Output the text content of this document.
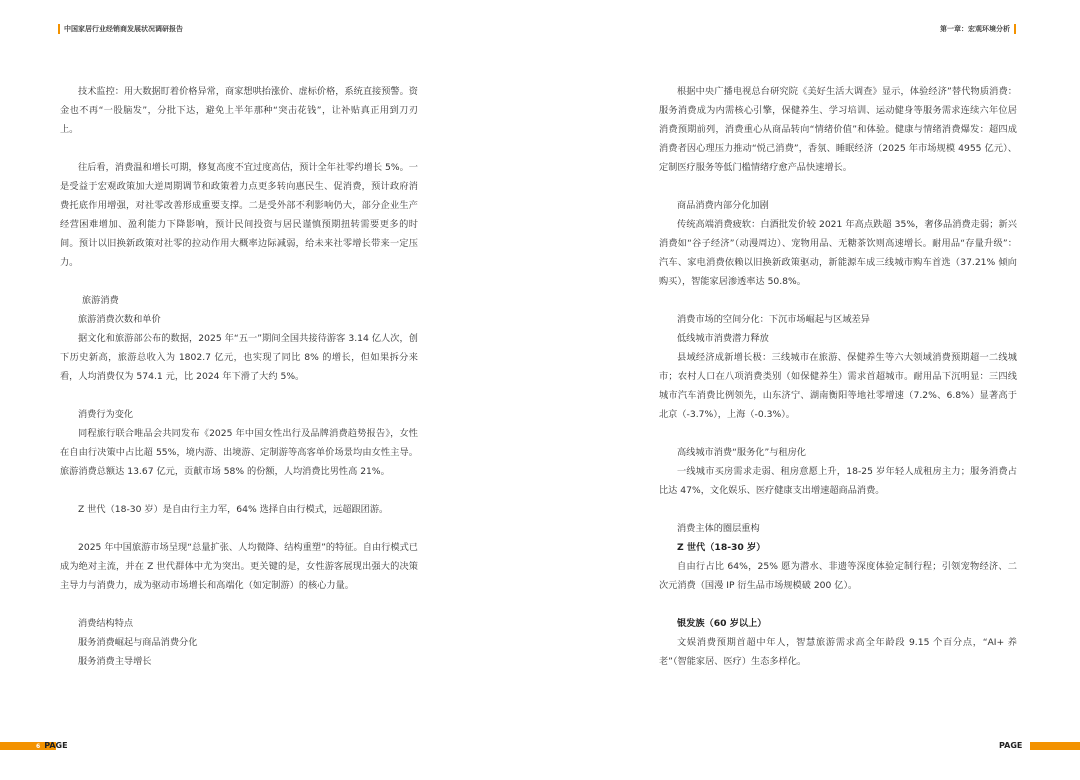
中国家居行业经销商发展状况调研报告	第一章：宏观环境分析

技术监控：用大数据盯着价格异常，商家想哄抬涨价、虚标价格，系统直接预警。资金也不再“一股脑发”，分批下达，避免上半年那种“突击花钱”，让补贴真正用到刀刃上。

往后看，消费温和增长可期，修复高度不宜过度高估，预计全年社零约增长 5%。一是受益于宏观政策加大逆周期调节和政策着力点更多转向惠民生、促消费，预计政府消费托底作用增强，对社零改善形成重要支撑。二是受外部不利影响仍大，部分企业生产经营困难增加、盈利能力下降影响，预计民间投资与居民谨慎预期扭转需要更多的时间。预计以旧换新政策对社零的拉动作用大概率边际减弱，给未来社零增长带来一定压力。

旅游消费

旅游消费次数和单价

据文化和旅游部公布的数据，2025 年“五一”期间全国共接待游客 3.14 亿人次，创下历史新高，旅游总收入为 1802.7 亿元，也实现了同比 8% 的增长，但如果拆分来看，人均消费仅为 574.1 元，比 2024 年下滑了大约 5%。

消费行为变化

同程旅行联合唯品会共同发布《2025 年中国女性出行及品牌消费趋势报告》，女性在自由行决策中占比超 55%，境内游、出境游、定制游等高客单价场景均由女性主导。旅游消费总额达 13.67 亿元，贡献市场 58% 的份额，人均消费比男性高 21%。

Z 世代（18-30 岁）是自由行主力军，64% 选择自由行模式，远超跟团游。

2025 年中国旅游市场呈现“总量扩张、人均微降、结构重塑”的特征。自由行模式已成为绝对主流，并在 Z 世代群体中尤为突出。更关键的是，女性游客展现出强大的决策主导力与消费力，成为驱动市场增长和高端化（如定制游）的核心力量。

消费结构特点

服务消费崛起与商品消费分化

服务消费主导增长

根据中央广播电视总台研究院《美好生活大调查》显示，体验经济”替代物质消费：服务消费成为内需核心引擎，保健养生、学习培训、运动健身等服务需求连续六年位居消费预期前列，消费重心从商品转向“情绪价值”和体验。健康与情绪消费爆发：超四成消费者因心理压力推动“悦己消费”，香氛、睡眠经济（2025 年市场规模 4955 亿元）、定制医疗服务等低门槛情绪疗愈产品快速增长。

商品消费内部分化加剧

传统高端消费疲软：白酒批发价较 2021 年高点跌超 35%，奢侈品消费走弱；新兴消费如“谷子经济”（动漫周边）、宠物用品、无糖茶饮则高速增长。耐用品“存量升级”：汽车、家电消费依赖以旧换新政策驱动，新能源车成三线城市购车首选（37.21% 倾向购买），智能家居渗透率达 50.8%。

消费市场的空间分化：下沉市场崛起与区域差异

低线城市消费潜力释放

县域经济成新增长极：三线城市在旅游、保健养生等六大领域消费预期超一二线城市；农村人口在八项消费类别（如保健养生）需求首超城市。耐用品下沉明显：三四线城市汽车消费比例领先，山东济宁、湖南衡阳等地社零增速（7.2%、6.8%）显著高于北京（-3.7%），上海（-0.3%）。

高线城市消费“服务化”与租房化

一线城市买房需求走弱、租房意愿上升，18-25 岁年轻人成租房主力；服务消费占比达 47%，文化娱乐、医疗健康支出增速超商品消费。

消费主体的圈层重构

Z 世代（18-30 岁）

自由行占比 64%，25% 愿为潜水、非遗等深度体验定制行程；引领宠物经济、二次元消费（国漫 IP 衍生品市场规模破 200 亿）。

银发族（60 岁以上）

文娱消费预期首超中年人，智慧旅游需求高全年龄段 9.15 个百分点，“AI+ 养老”（智能家居、医疗）生态多样化。

6 PAGE	PAGE 7
